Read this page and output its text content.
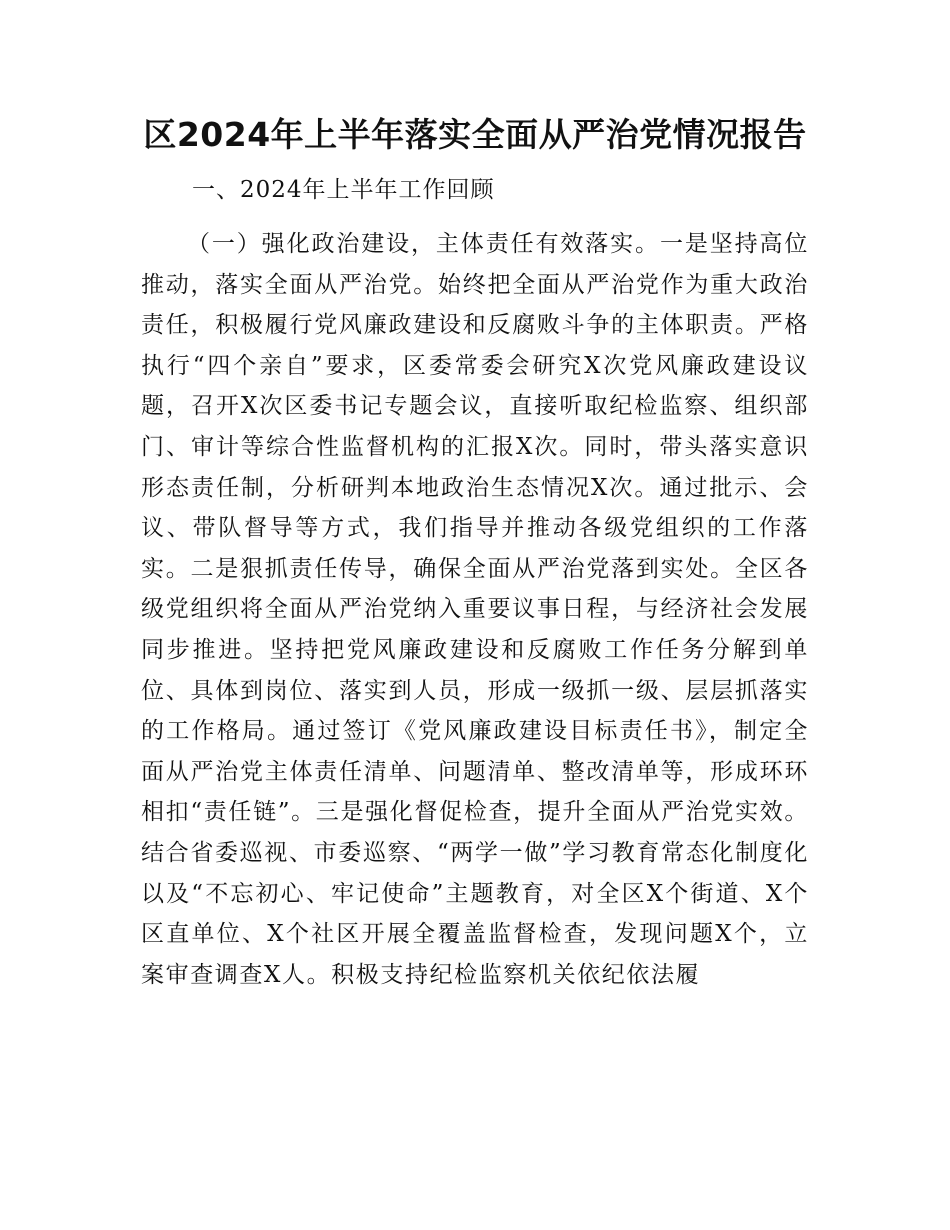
区2024年上半年落实全面从严治党情况报告

一、2024年上半年工作回顾

（一）强化政治建设，主体责任有效落实。一是坚持高位推动，落实全面从严治党。始终把全面从严治党作为重大政治责任，积极履行党风廉政建设和反腐败斗争的主体职责。严格执行“四个亲自”要求，区委常委会研究X次党风廉政建设议题，召开X次区委书记专题会议，直接听取纪检监察、组织部门、审计等综合性监督机构的汇报X次。同时，带头落实意识形态责任制，分析研判本地政治生态情况X次。通过批示、会议、带队督导等方式，我们指导并推动各级党组织的工作落实。二是狠抓责任传导，确保全面从严治党落到实处。全区各级党组织将全面从严治党纳入重要议事日程，与经济社会发展同步推进。坚持把党风廉政建设和反腐败工作任务分解到单位、具体到岗位、落实到人员，形成一级抓一级、层层抓落实的工作格局。通过签订《党风廉政建设目标责任书》，制定全面从严治党主体责任清单、问题清单、整改清单等，形成环环相扣“责任链”。三是强化督促检查，提升全面从严治党实效。结合省委巡视、市委巡察、“两学一做”学习教育常态化制度化以及“不忘初心、牢记使命”主题教育，对全区X个街道、X个区直单位、X个社区开展全覆盖监督检查，发现问题X个，立案审查调查X人。积极支持纪检监察机关依纪依法履
